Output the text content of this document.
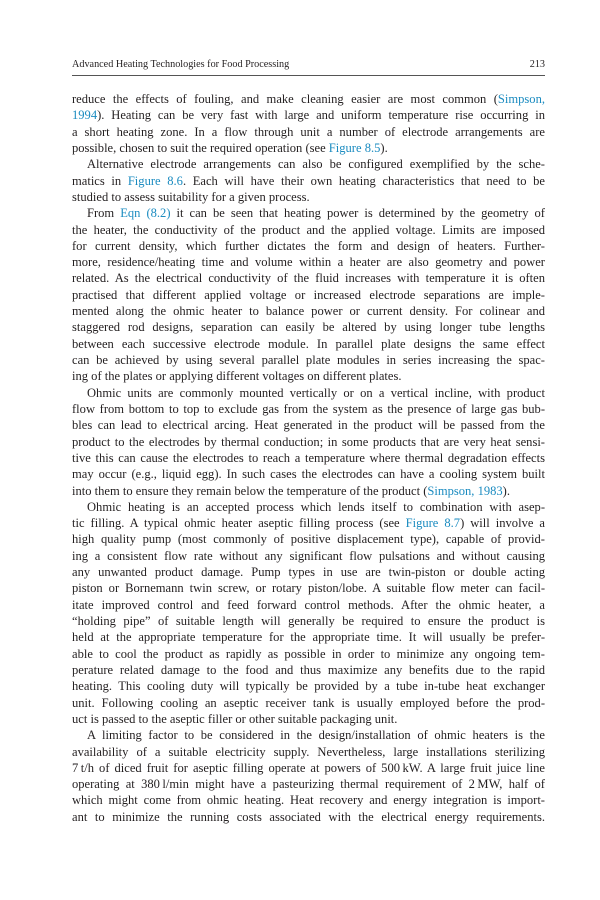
Advanced Heating Technologies for Food Processing	213
reduce the effects of fouling, and make cleaning easier are most common (Simpson,
1994). Heating can be very fast with large and uniform temperature rise occurring in
a short heating zone. In a flow through unit a number of electrode arrangements are
possible, chosen to suit the required operation (see Figure 8.5).
Alternative electrode arrangements can also be configured exemplified by the sche-
matics in Figure 8.6. Each will have their own heating characteristics that need to be
studied to assess suitability for a given process.
From Eqn (8.2) it can be seen that heating power is determined by the geometry of
the heater, the conductivity of the product and the applied voltage. Limits are imposed
for current density, which further dictates the form and design of heaters. Further-
more, residence/heating time and volume within a heater are also geometry and power
related. As the electrical conductivity of the fluid increases with temperature it is often
practised that different applied voltage or increased electrode separations are imple-
mented along the ohmic heater to balance power or current density. For colinear and
staggered rod designs, separation can easily be altered by using longer tube lengths
between each successive electrode module. In parallel plate designs the same effect
can be achieved by using several parallel plate modules in series increasing the spac-
ing of the plates or applying different voltages on different plates.
Ohmic units are commonly mounted vertically or on a vertical incline, with product
flow from bottom to top to exclude gas from the system as the presence of large gas bub-
bles can lead to electrical arcing. Heat generated in the product will be passed from the
product to the electrodes by thermal conduction; in some products that are very heat sensi-
tive this can cause the electrodes to reach a temperature where thermal degradation effects
may occur (e.g., liquid egg). In such cases the electrodes can have a cooling system built
into them to ensure they remain below the temperature of the product (Simpson, 1983).
Ohmic heating is an accepted process which lends itself to combination with asep-
tic filling. A typical ohmic heater aseptic filling process (see Figure 8.7) will involve a
high quality pump (most commonly of positive displacement type), capable of provid-
ing a consistent flow rate without any significant flow pulsations and without causing
any unwanted product damage. Pump types in use are twin-piston or double acting
piston or Bornemann twin screw, or rotary piston/lobe. A suitable flow meter can facil-
itate improved control and feed forward control methods. After the ohmic heater, a
“holding pipe” of suitable length will generally be required to ensure the product is
held at the appropriate temperature for the appropriate time. It will usually be prefer-
able to cool the product as rapidly as possible in order to minimize any ongoing tem-
perature related damage to the food and thus maximize any benefits due to the rapid
heating. This cooling duty will typically be provided by a tube in-tube heat exchanger
unit. Following cooling an aseptic receiver tank is usually employed before the prod-
uct is passed to the aseptic filler or other suitable packaging unit.
A limiting factor to be considered in the design/installation of ohmic heaters is the
availability of a suitable electricity supply. Nevertheless, large installations sterilizing
7 t/h of diced fruit for aseptic filling operate at powers of 500 kW. A large fruit juice line
operating at 380 l/min might have a pasteurizing thermal requirement of 2 MW, half of
which might come from ohmic heating. Heat recovery and energy integration is import-
ant to minimize the running costs associated with the electrical energy requirements.
